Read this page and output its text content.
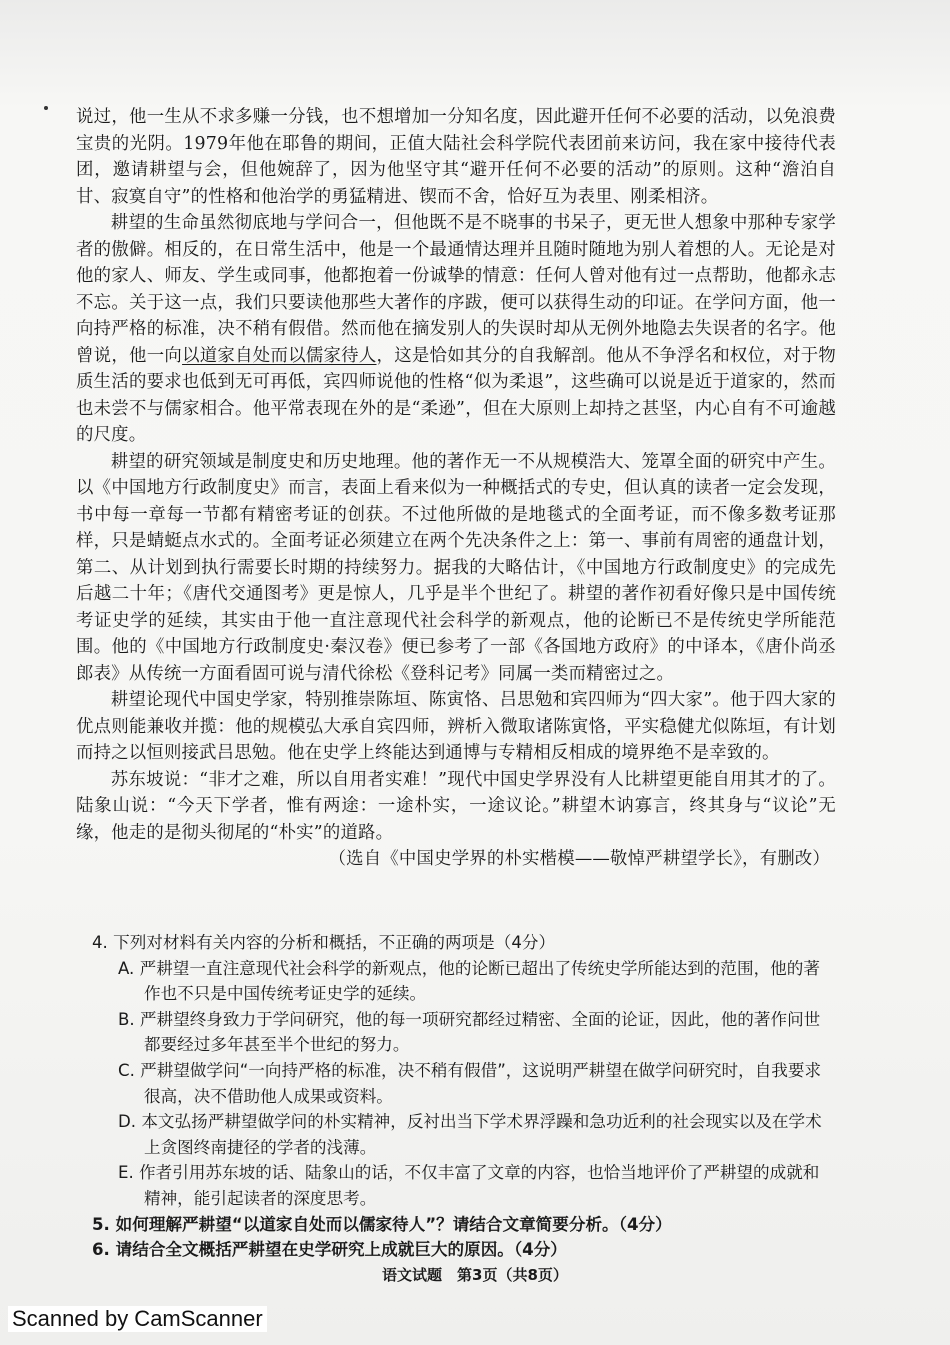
说过，他一生从不求多赚一分钱，也不想增加一分知名度，因此避开任何不必要的活动，以免浪费宝贵的光阴。1979年他在耶鲁的期间，正值大陆社会科学院代表团前来访问，我在家中接待代表团，邀请耕望与会，但他婉辞了，因为他坚守其“避开任何不必要的活动”的原则。这种“澹泊自甘、寂寞自守”的性格和他治学的勇猛精进、锲而不舍，恰好互为表里、刚柔相济。

耕望的生命虽然彻底地与学问合一，但他既不是不晓事的书呆子，更无世人想象中那种专家学者的傲僻。相反的，在日常生活中，他是一个最通情达理并且随时随地为别人着想的人。无论是对他的家人、师友、学生或同事，他都抱着一份诚挚的情意：任何人曾对他有过一点帮助，他都永志不忘。关于这一点，我们只要读他那些大著作的序跋，便可以获得生动的印证。在学问方面，他一向持严格的标准，决不稍有假借。然而他在摘发别人的失误时却从无例外地隐去失误者的名字。他曾说，他一向以道家自处而以儒家待人，这是恰如其分的自我解剖。他从不争浮名和权位，对于物质生活的要求也低到无可再低，宾四师说他的性格“似为柔退”，这些确可以说是近于道家的，然而也未尝不与儒家相合。他平常表现在外的是“柔逊”，但在大原则上却持之甚坚，内心自有不可逾越的尺度。

耕望的研究领域是制度史和历史地理。他的著作无一不从规模浩大、笼罩全面的研究中产生。以《中国地方行政制度史》而言，表面上看来似为一种概括式的专史，但认真的读者一定会发现，书中每一章每一节都有精密考证的创获。不过他所做的是地毯式的全面考证，而不像多数考证那样，只是蜻蜓点水式的。全面考证必须建立在两个先决条件之上：第一、事前有周密的通盘计划，第二、从计划到执行需要长时期的持续努力。据我的大略估计，《中国地方行政制度史》的完成先后越二十年；《唐代交通图考》更是惊人，几乎是半个世纪了。耕望的著作初看好像只是中国传统考证史学的延续，其实由于他一直注意现代社会科学的新观点，他的论断已不是传统史学所能范围。他的《中国地方行政制度史·秦汉卷》便已参考了一部《各国地方政府》的中译本，《唐仆尚丞郎表》从传统一方面看固可说与清代徐松《登科记考》同属一类而精密过之。

耕望论现代中国史学家，特别推崇陈垣、陈寅恪、吕思勉和宾四师为“四大家”。他于四大家的优点则能兼收并揽：他的规模弘大承自宾四师，辨析入微取诸陈寅恪，平实稳健尤似陈垣，有计划而持之以恒则接武吕思勉。他在史学上终能达到通博与专精相反相成的境界绝不是幸致的。

苏东坡说：“非才之难，所以自用者实难！”现代中国史学界没有人比耕望更能自用其才的了。陆象山说：“今天下学者，惟有两途：一途朴实，一途议论。”耕望木讷寡言，终其身与“议论”无缘，他走的是彻头彻尾的“朴实”的道路。

（选自《中国史学界的朴实楷模——敬悼严耕望学长》，有删改）

4. 下列对材料有关内容的分析和概括，不正确的两项是（4分）

A. 严耕望一直注意现代社会科学的新观点，他的论断已超出了传统史学所能达到的范围，他的著作也不只是中国传统考证史学的延续。

B. 严耕望终身致力于学问研究，他的每一项研究都经过精密、全面的论证，因此，他的著作问世都要经过多年甚至半个世纪的努力。

C. 严耕望做学问“一向持严格的标准，决不稍有假借”，这说明严耕望在做学问研究时，自我要求很高，决不借助他人成果或资料。

D. 本文弘扬严耕望做学问的朴实精神，反衬出当下学术界浮躁和急功近利的社会现实以及在学术上贪图终南捷径的学者的浅薄。

E. 作者引用苏东坡的话、陆象山的话，不仅丰富了文章的内容，也恰当地评价了严耕望的成就和精神，能引起读者的深度思考。

5. 如何理解严耕望“以道家自处而以儒家待人”？请结合文章简要分析。（4分）

6. 请结合全文概括严耕望在史学研究上成就巨大的原因。（4分）

语文试题　第3页（共8页）
Scanned by CamScanner
